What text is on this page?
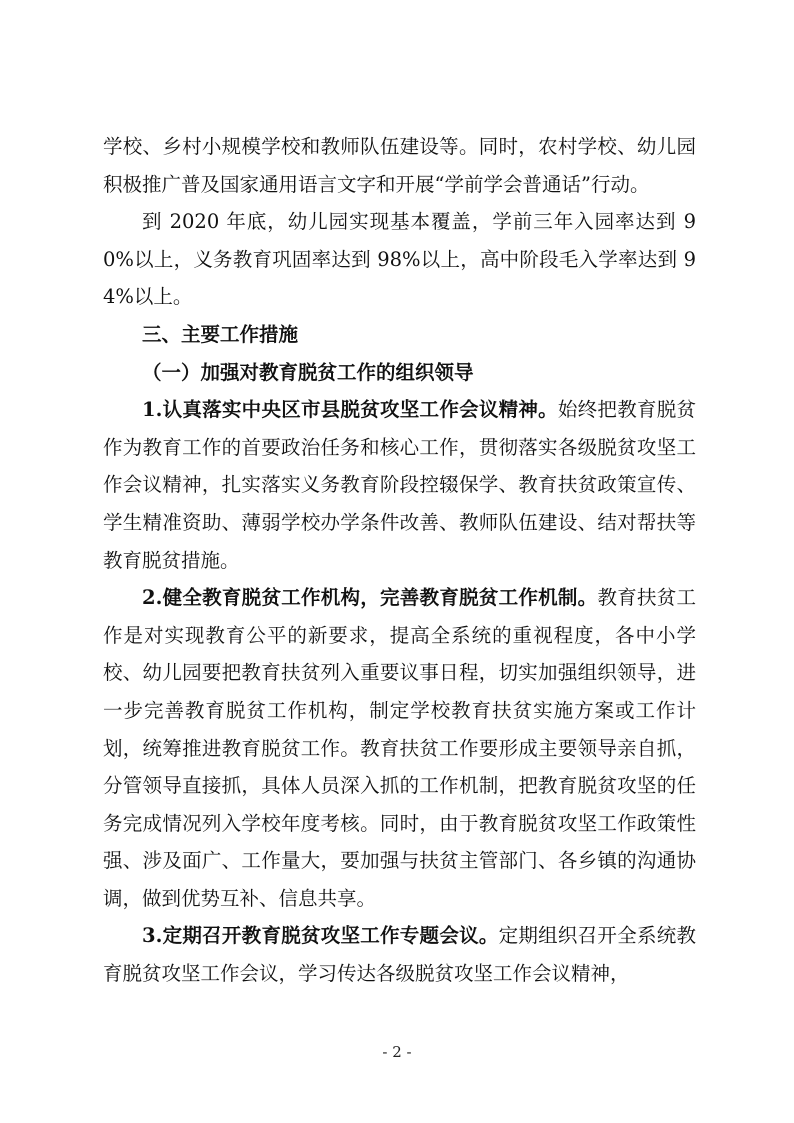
学校、乡村小规模学校和教师队伍建设等。同时，农村学校、幼儿园积极推广普及国家通用语言文字和开展“学前学会普通话”行动。

到 2020 年底，幼儿园实现基本覆盖，学前三年入园率达到 90%以上，义务教育巩固率达到 98%以上，高中阶段毛入学率达到 94%以上。

三、主要工作措施

（一）加强对教育脱贫工作的组织领导

1.认真落实中央区市县脱贫攻坚工作会议精神。始终把教育脱贫作为教育工作的首要政治任务和核心工作，贯彻落实各级脱贫攻坚工作会议精神，扎实落实义务教育阶段控辍保学、教育扶贫政策宣传、学生精准资助、薄弱学校办学条件改善、教师队伍建设、结对帮扶等教育脱贫措施。

2.健全教育脱贫工作机构，完善教育脱贫工作机制。教育扶贫工作是对实现教育公平的新要求，提高全系统的重视程度，各中小学校、幼儿园要把教育扶贫列入重要议事日程，切实加强组织领导，进一步完善教育脱贫工作机构，制定学校教育扶贫实施方案或工作计划，统筹推进教育脱贫工作。教育扶贫工作要形成主要领导亲自抓，分管领导直接抓，具体人员深入抓的工作机制，把教育脱贫攻坚的任务完成情况列入学校年度考核。同时，由于教育脱贫攻坚工作政策性强、涉及面广、工作量大，要加强与扶贫主管部门、各乡镇的沟通协调，做到优势互补、信息共享。

3.定期召开教育脱贫攻坚工作专题会议。定期组织召开全系统教育脱贫攻坚工作会议，学习传达各级脱贫攻坚工作会议精神，

- 2 -
